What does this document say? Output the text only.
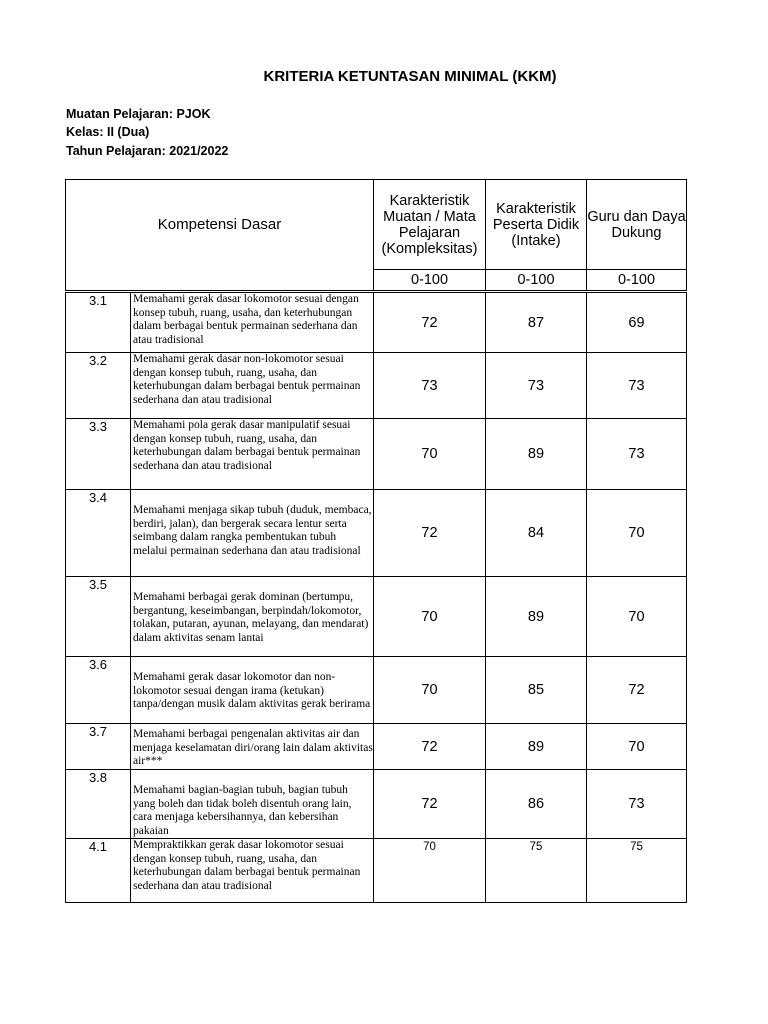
KRITERIA KETUNTASAN MINIMAL (KKM)
Muatan Pelajaran: PJOK
Kelas: II (Dua)
Tahun Pelajaran: 2021/2022
Kompetensi Dasar		Karakteristik Muatan / Mata Pelajaran (Kompleksitas)	Karakteristik Peserta Didik (Intake)	Guru dan Daya Dukung
		0-100	0-100	0-100
3.1	Memahami gerak dasar lokomotor sesuai dengan konsep tubuh, ruang, usaha, dan keterhubungan dalam berbagai bentuk permainan sederhana dan atau tradisional	72	87	69
3.2	Memahami gerak dasar non-lokomotor sesuai dengan konsep tubuh, ruang, usaha, dan keterhubungan dalam berbagai bentuk permainan sederhana dan atau tradisional	73	73	73
3.3	Memahami pola gerak dasar manipulatif sesuai dengan konsep tubuh, ruang, usaha, dan keterhubungan dalam berbagai bentuk permainan sederhana dan atau tradisional	70	89	73
3.4	Memahami menjaga sikap tubuh (duduk, membaca, berdiri, jalan), dan bergerak secara lentur serta seimbang dalam rangka pembentukan tubuh melalui permainan sederhana dan atau tradisional	72	84	70
3.5	Memahami berbagai gerak dominan (bertumpu, bergantung, keseimbangan, berpindah/lokomotor, tolakan, putaran, ayunan, melayang, dan mendarat) dalam aktivitas senam lantai	70	89	70
3.6	Memahami gerak dasar lokomotor dan non-lokomotor sesuai dengan irama (ketukan) tanpa/dengan musik dalam aktivitas gerak berirama	70	85	72
3.7	Memahami berbagai pengenalan aktivitas air dan menjaga keselamatan diri/orang lain dalam aktivitas air***	72	89	70
3.8	Memahami bagian-bagian tubuh, bagian tubuh yang boleh dan tidak boleh disentuh orang lain, cara menjaga kebersihannya, dan kebersihan pakaian	72	86	73
4.1	Mempraktikkan gerak dasar lokomotor sesuai dengan konsep tubuh, ruang, usaha, dan keterhubungan dalam berbagai bentuk permainan sederhana dan atau tradisional	70	75	75
